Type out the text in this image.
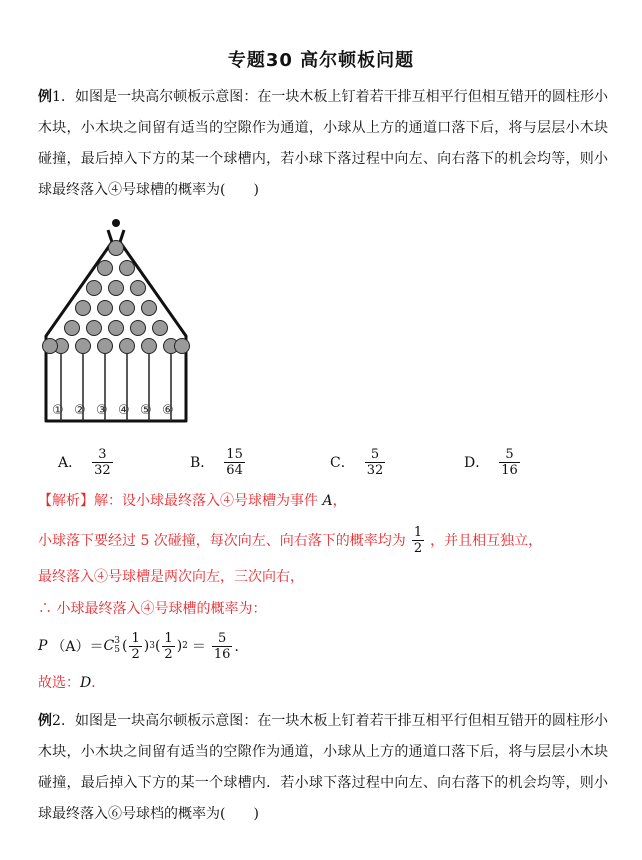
专题30 高尔顿板问题
例1．如图是一块高尔顿板示意图：在一块木板上钉着若干排互相平行但相互错开的圆柱形小木块，小木块之间留有适当的空隙作为通道，小球从上方的通道口落下后，将与层层小木块碰撞，最后掉入下方的某一个球槽内，若小球下落过程中向左、向右落下的机会均等，则小球最终落入④号球槽的概率为(　　)
① ② ③ ④ ⑤ ⑥
A． $\frac{3}{32}$	B． $\frac{15}{64}$	C． $\frac{5}{32}$	D． $\frac{5}{16}$
【解析】解：设小球最终落入④号球槽为事件 A，
小球落下要经过 5 次碰撞，每次向左、向右落下的概率均为 $\frac{1}{2}$ ，并且相互独立，
最终落入④号球槽是两次向左，三次向右，
∴ 小球最终落入④号球槽的概率为：
P （A）＝ C 3
5 ( $\frac{1}{2}$ ) 3 ( $\frac{1}{2}$ ) $2 = \frac{5}{16}$ ．
故选：D．
例2．如图是一块高尔顿板示意图：在一块木板上钉着若干排互相平行但相互错开的圆柱形小木块，小木块之间留有适当的空隙作为通道，小球从上方的通道口落下后，将与层层小木块碰撞，最后掉入下方的某一个球槽内．若小球下落过程中向左、向右落下的机会均等，则小球最终落入⑥号球档的概率为(　　)
